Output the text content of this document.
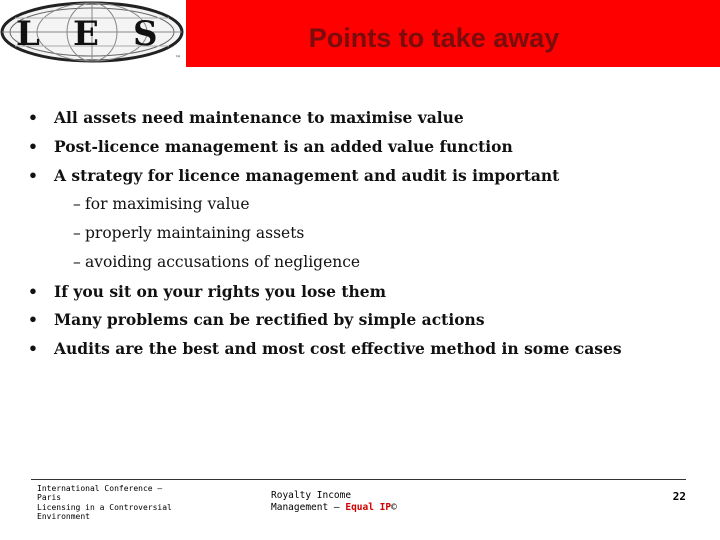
L E S
™
Points to take away
• All assets need maintenance to maximise value
• Post-licence management is an added value function
• A strategy for licence management and audit is important
– for maximising value
– properly maintaining assets
– avoiding accusations of negligence
• If you sit on your rights you lose them
• Many problems can be rectified by simple actions
• Audits are the best and most cost effective method in some cases
International Conference –
Paris
Licensing in a Controversial
Environment
Royalty Income
Management – Equal IP©
22
